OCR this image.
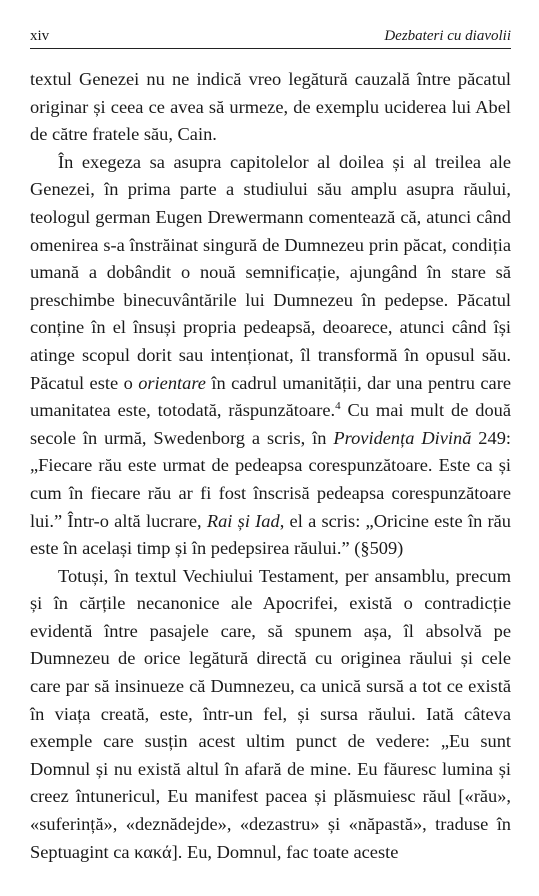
xiv	Dezbateri cu diavolii

textul Genezei nu ne indică vreo legătură cauzală între păcatul originar și ceea ce avea să urmeze, de exemplu uciderea lui Abel de către fratele său, Cain.

În exegeza sa asupra capitolelor al doilea și al treilea ale Genezei, în prima parte a studiului său amplu asupra răului, teologul german Eugen Drewermann comentează că, atunci când omenirea s-a înstrăinat singură de Dumnezeu prin păcat, condiția umană a dobândit o nouă semnificație, ajungând în stare să preschimbe binecuvântările lui Dumnezeu în pedepse. Păcatul conține în el însuși propria pedeapsă, deoarece, atunci când își atinge scopul dorit sau intenționat, îl transformă în opusul său. Păcatul este o orientare în cadrul umanității, dar una pentru care umanitatea este, totodată, răspunzătoare.$^4$ Cu mai mult de două secole în urmă, Swedenborg a scris, în Providența Divină 249: „Fiecare rău este urmat de pedeapsa corespunzătoare. Este ca și cum în fiecare rău ar fi fost înscrisă pedeapsa corespunzătoare lui.” Într-o altă lucrare, Rai și Iad, el a scris: „Oricine este în rău este în același timp și în pedepsirea răului.” (§509)

Totuși, în textul Vechiului Testament, per ansamblu, precum și în cărțile necanonice ale Apocrifei, există o contradicție evidentă între pasajele care, să spunem așa, îl absolvă pe Dumnezeu de orice legătură directă cu originea răului și cele care par să insinueze că Dumnezeu, ca unică sursă a tot ce există în viața creată, este, într-un fel, și sursa răului. Iată câteva exemple care susțin acest ultim punct de vedere: „Eu sunt Domnul și nu există altul în afară de mine. Eu făuresc lumina și creez întunericul, Eu manifest pacea și plăsmuiesc răul [«rău», «suferință», «deznădejde», «dezastru» și «năpastă», traduse în Septuagint ca κακά]. Eu, Domnul, fac toate aceste
